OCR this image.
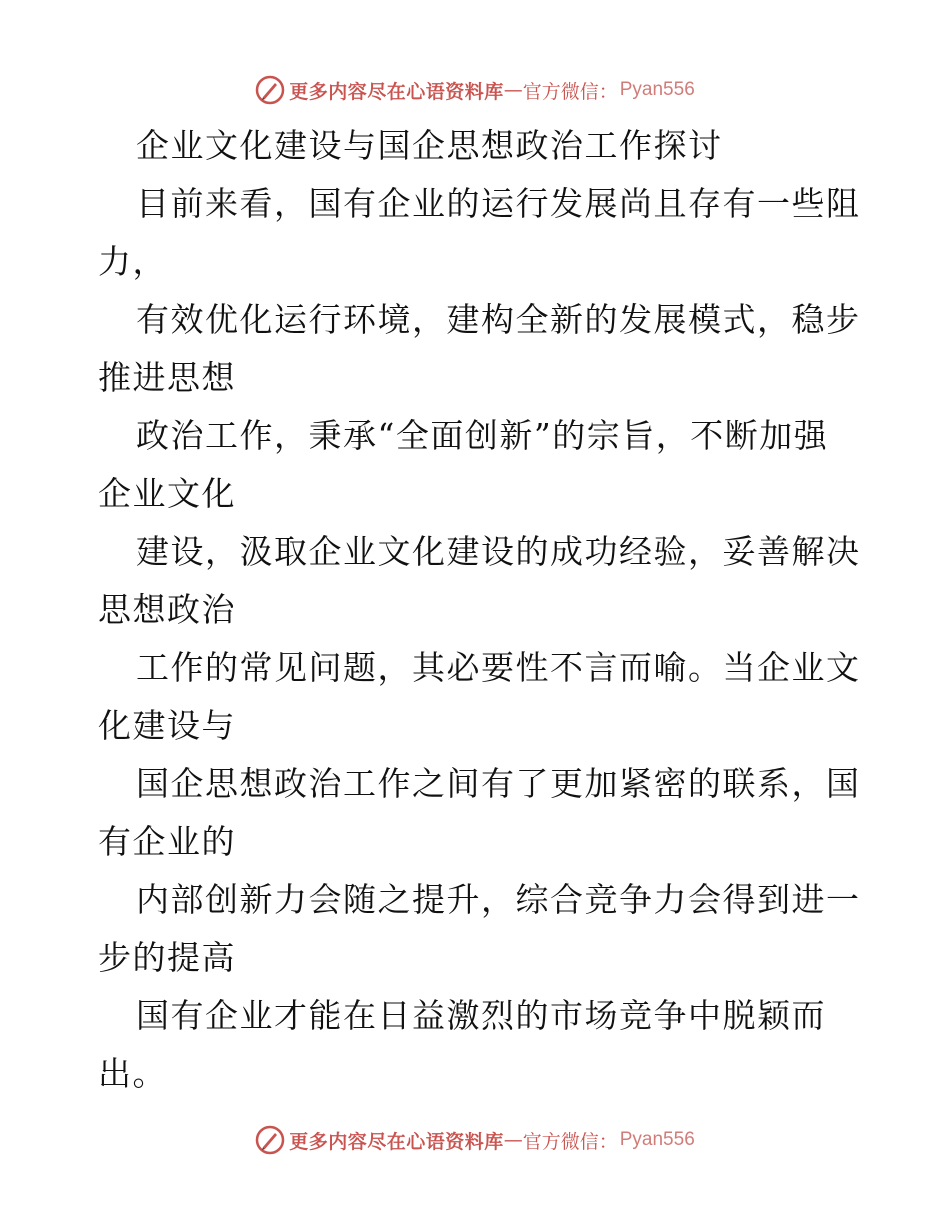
更多内容尽在心语资料库 — 官方微信： Pyan556
企业文化建设与国企思想政治工作探讨
目前来看，国有企业的运行发展尚且存有一些阻
力，
有效优化运行环境，建构全新的发展模式，稳步
推进思想
政治工作，秉承“全面创新”的宗旨，不断加强
企业文化
建设，汲取企业文化建设的成功经验，妥善解决
思想政治
工作的常见问题，其必要性不言而喻。当企业文
化建设与
国企思想政治工作之间有了更加紧密的联系，国
有企业的
内部创新力会随之提升，综合竞争力会得到进一
步的提高
国有企业才能在日益激烈的市场竞争中脱颖而
出。
更多内容尽在心语资料库 — 官方微信： Pyan556
